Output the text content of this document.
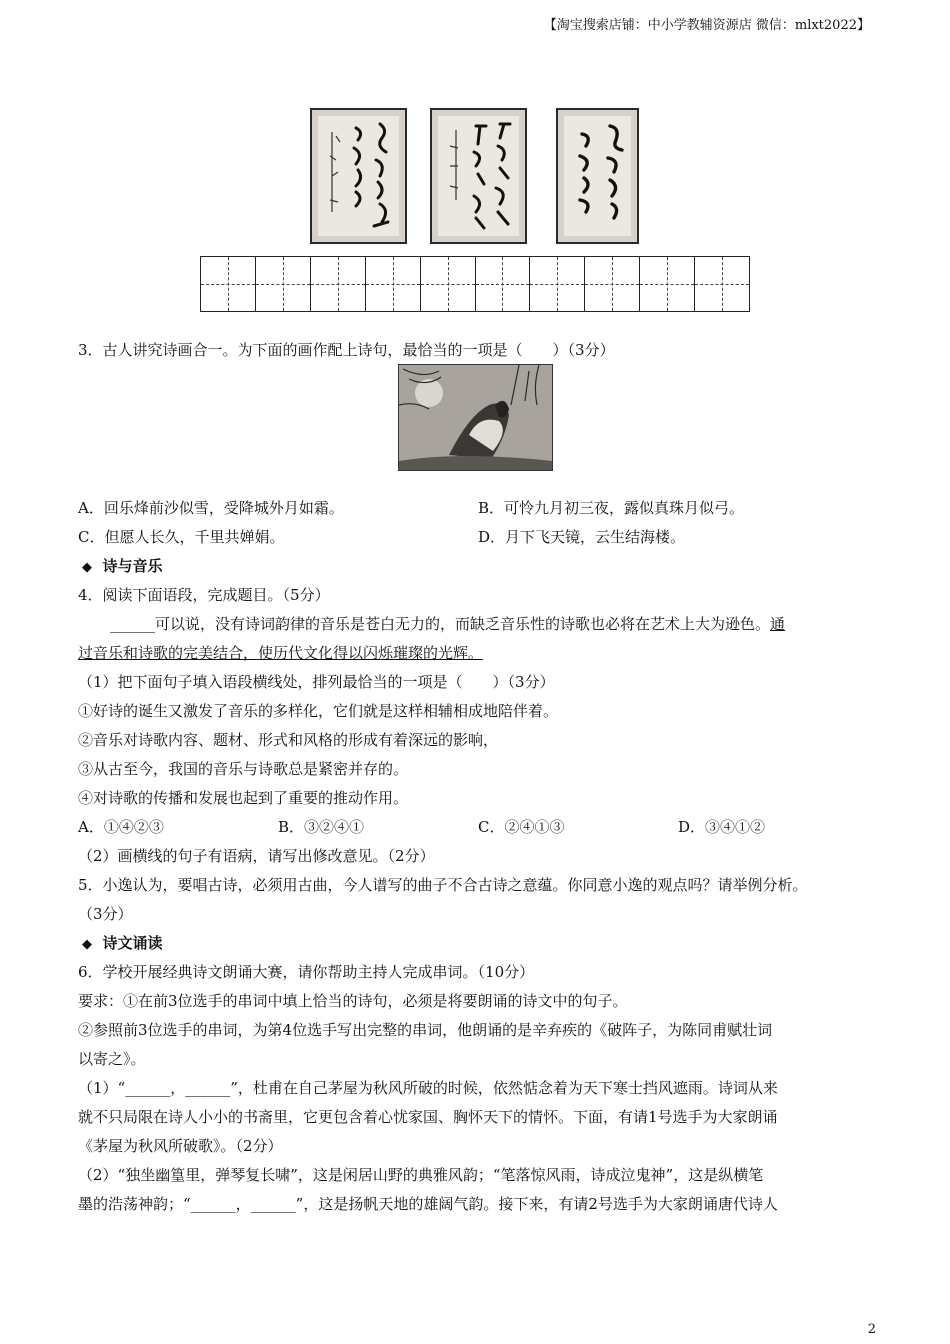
【淘宝搜索店铺：中小学教辅资源店 微信：mlxt2022】
3．古人讲究诗画合一。为下面的画作配上诗句，最恰当的一项是（　　）（3分）
A．回乐烽前沙似雪，受降城外月如霜。	B．可怜九月初三夜，露似真珠月似弓。
C．但愿人长久，千里共婵娟。	D．月下飞天镜，云生结海楼。
◆ 诗与音乐
4．阅读下面语段，完成题目。（5分）
______可以说，没有诗词韵律的音乐是苍白无力的，而缺乏音乐性的诗歌也必将在艺术上大为逊色。通
过音乐和诗歌的完美结合，使历代文化得以闪烁璀璨的光辉。
（1）把下面句子填入语段横线处，排列最恰当的一项是（　　）（3分）
①好诗的诞生又激发了音乐的多样化，它们就是这样相辅相成地陪伴着。
②音乐对诗歌内容、题材、形式和风格的形成有着深远的影响，
③从古至今，我国的音乐与诗歌总是紧密并存的。
④对诗歌的传播和发展也起到了重要的推动作用。
A．①④②③	B．③②④①	C．②④①③	D．③④①②
（2）画横线的句子有语病，请写出修改意见。（2分）
5．小逸认为，要唱古诗，必须用古曲，今人谱写的曲子不合古诗之意蕴。你同意小逸的观点吗？请举例分析。
（3分）
◆ 诗文诵读
6．学校开展经典诗文朗诵大赛，请你帮助主持人完成串词。（10分）
要求：①在前3位选手的串词中填上恰当的诗句，必须是将要朗诵的诗文中的句子。
②参照前3位选手的串词，为第4位选手写出完整的串词，他朗诵的是辛弃疾的《破阵子，为陈同甫赋壮词
以寄之》。
（1）“______，______”，杜甫在自己茅屋为秋风所破的时候，依然惦念着为天下寒士挡风遮雨。诗词从来
就不只局限在诗人小小的书斋里，它更包含着心忧家国、胸怀天下的情怀。下面，有请1号选手为大家朗诵
《茅屋为秋风所破歌》。（2分）
（2）“独坐幽篁里，弹琴复长啸”，这是闲居山野的典雅风韵；“笔落惊风雨，诗成泣鬼神”，这是纵横笔
墨的浩荡神韵；“______，______”，这是扬帆天地的雄阔气韵。接下来，有请2号选手为大家朗诵唐代诗人
2
